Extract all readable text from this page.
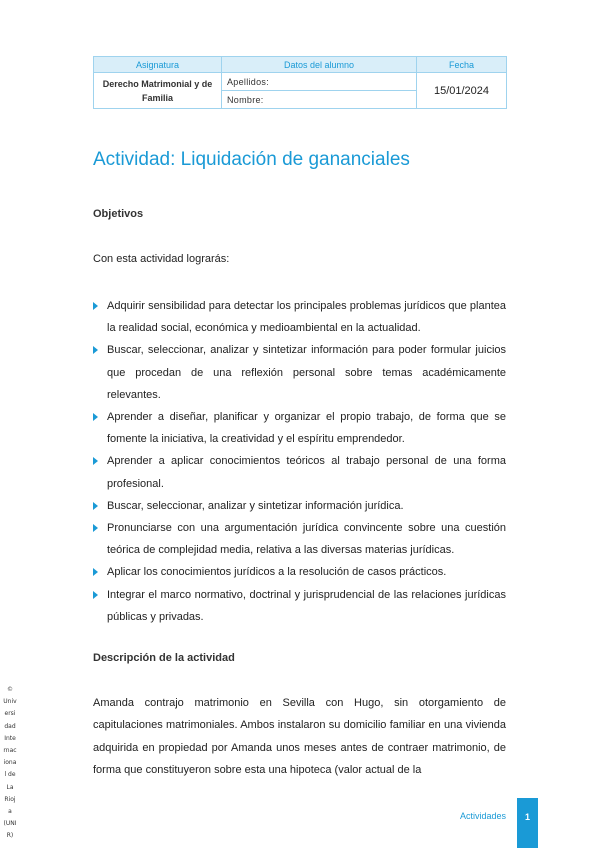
Asignatura	Datos del alumno	Fecha
Derecho Matrimonial y de Familia	Apellidos:	15/01/2024
	Nombre:	
Actividad: Liquidación de gananciales
Objetivos

Con esta actividad lograrás:

Adquirir sensibilidad para detectar los principales problemas jurídicos que plantea la realidad social, económica y medioambiental en la actualidad.
Buscar, seleccionar, analizar y sintetizar información para poder formular juicios que procedan de una reflexión personal sobre temas académicamente relevantes.
Aprender a diseñar, planificar y organizar el propio trabajo, de forma que se fomente la iniciativa, la creatividad y el espíritu emprendedor.
Aprender a aplicar conocimientos teóricos al trabajo personal de una forma profesional.
Buscar, seleccionar, analizar y sintetizar información jurídica.
Pronunciarse con una argumentación jurídica convincente sobre una cuestión teórica de complejidad media, relativa a las diversas materias jurídicas.
Aplicar los conocimientos jurídicos a la resolución de casos prácticos.
Integrar el marco normativo, doctrinal y jurisprudencial de las relaciones jurídicas públicas y privadas.
Descripción de la actividad

Amanda contrajo matrimonio en Sevilla con Hugo, sin otorgamiento de capitulaciones matrimoniales. Ambos instalaron su domicilio familiar en una vivienda adquirida en propiedad por Amanda unos meses antes de contraer matrimonio, de forma que constituyeron sobre esta una hipoteca (valor actual de la

©
Univ
ersi
dad
Inte
rnac
iona
l de
La
Rioj
a
(UNI
R)

Actividades	1
